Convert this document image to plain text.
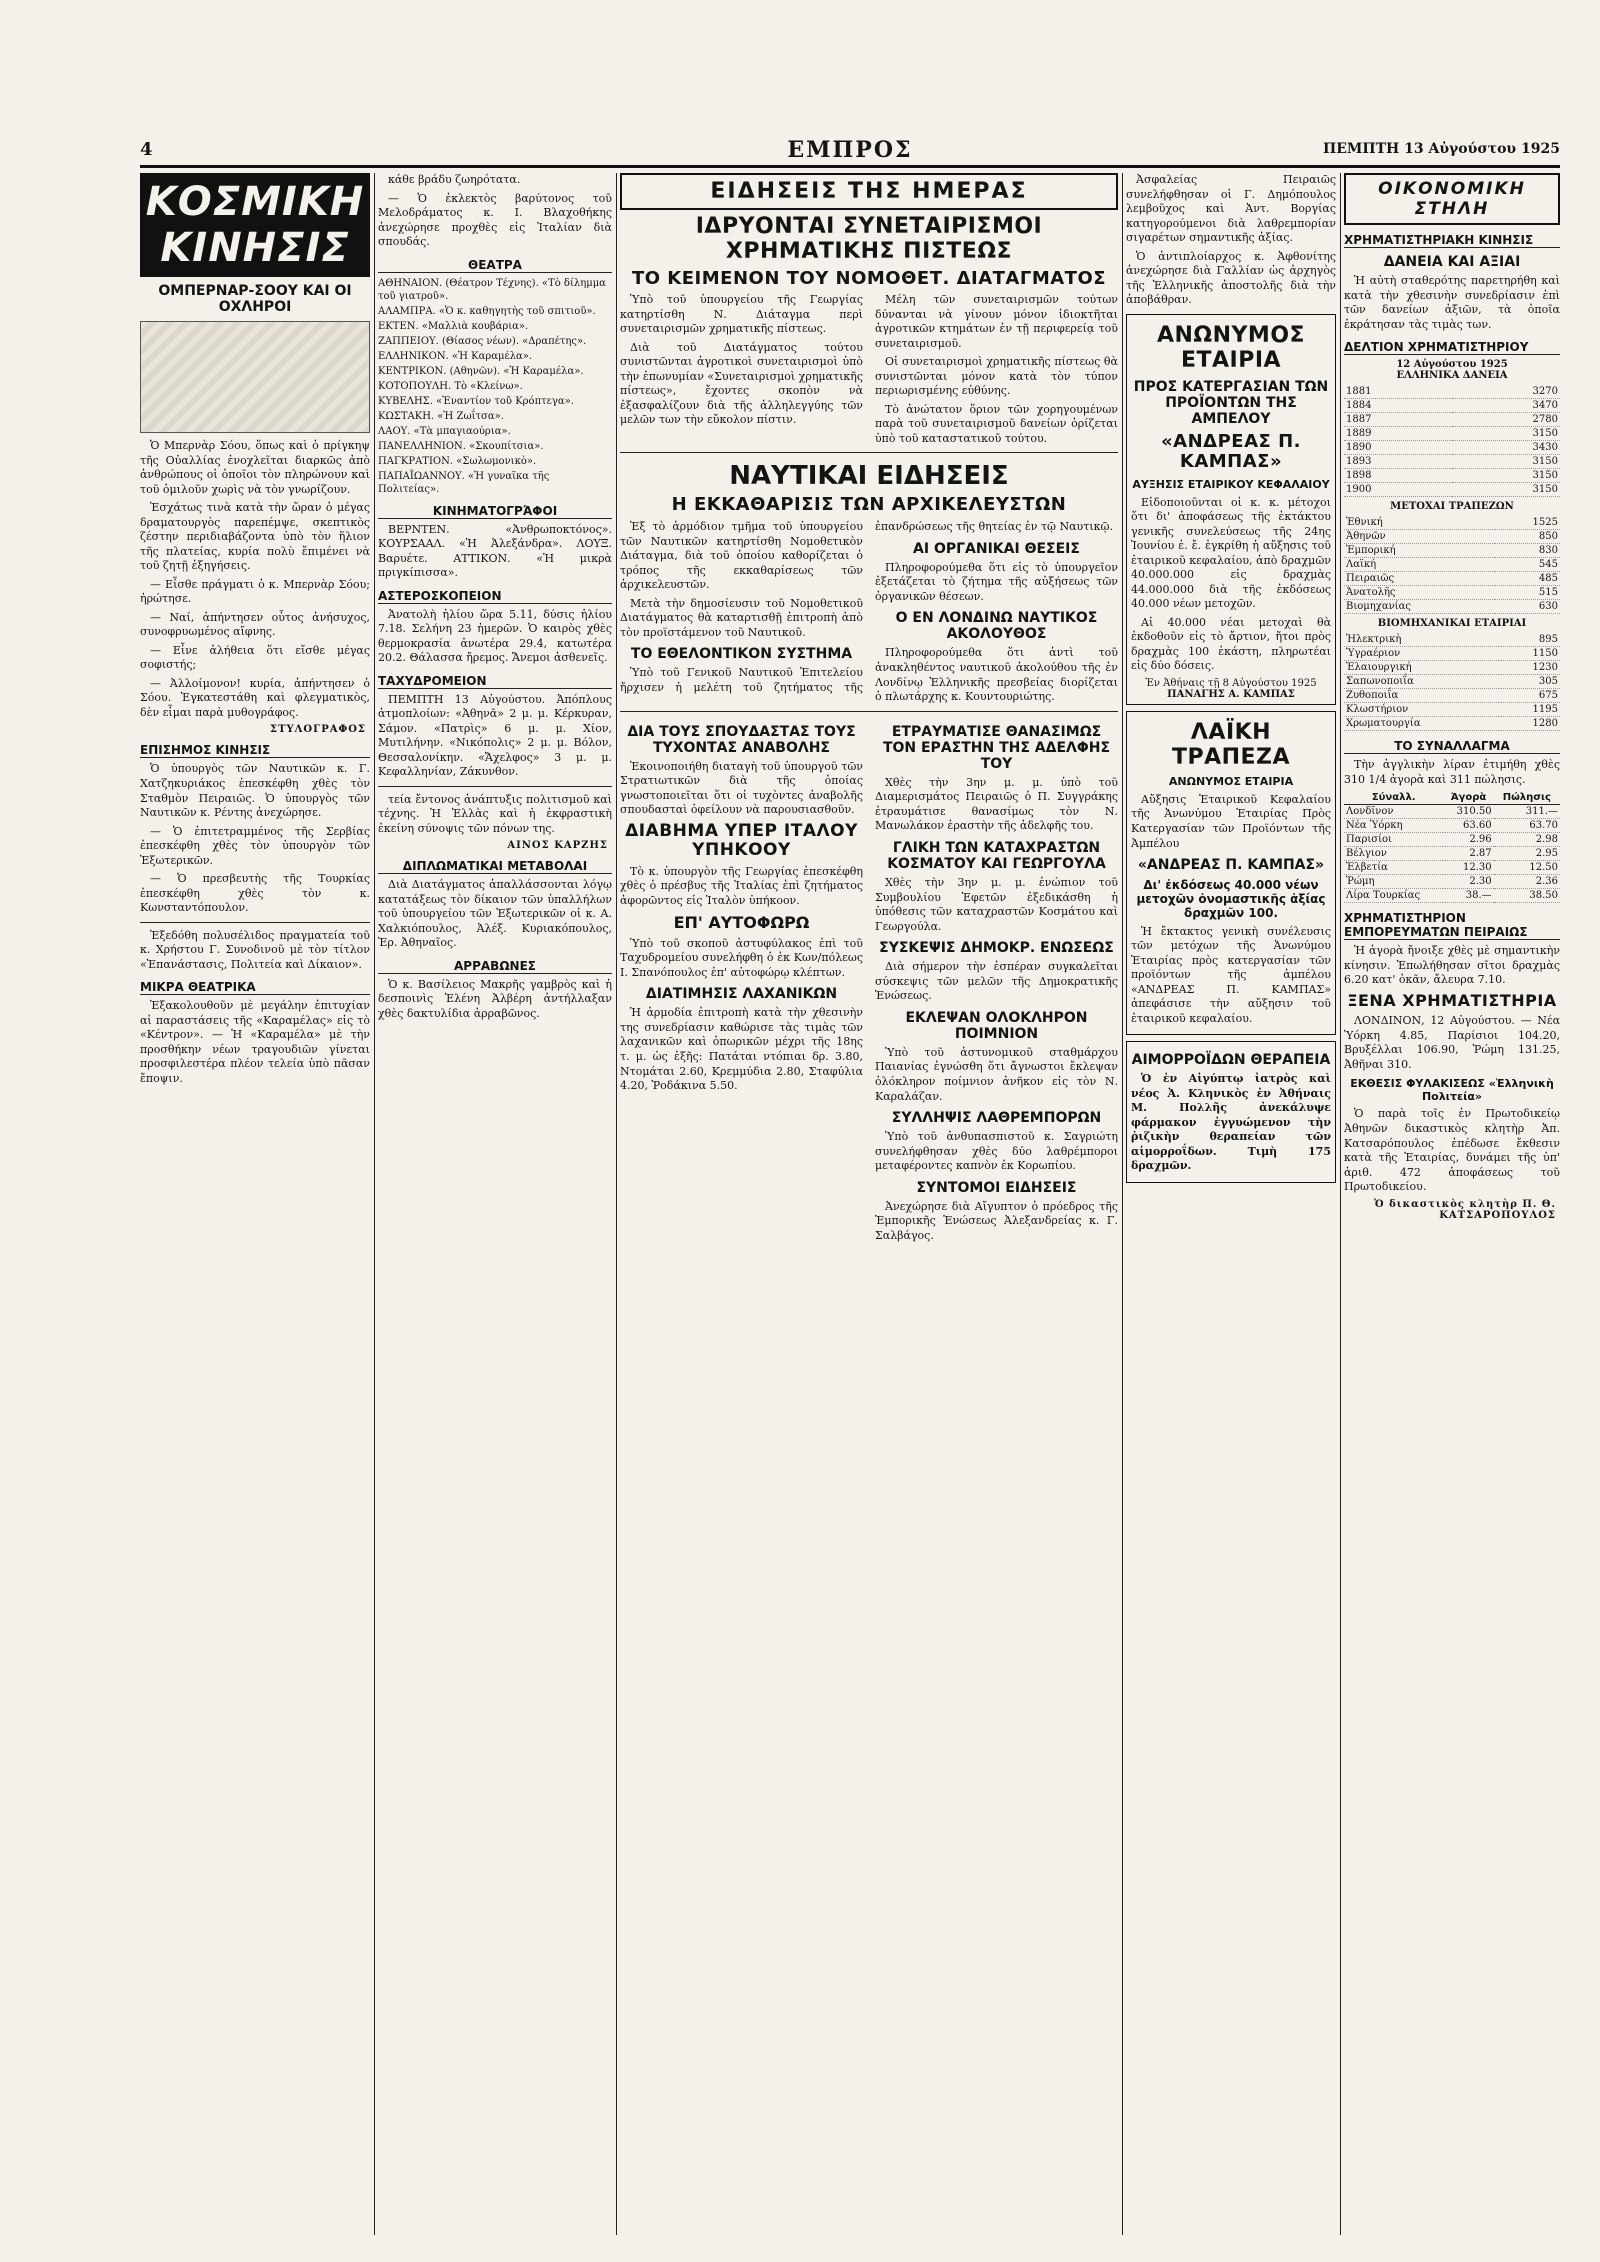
4	ΕΜΠΡΟΣ	ΠΕΜΠΤΗ 13 Αὐγούστου 1925
ΚΟΣΜΙΚΗ ΚΙΝΗΣΙΣ
ΟΜΠΕΡΝΑΡ-ΣΟΟΥ ΚΑΙ ΟΙ ΟΧΛΗΡΟΙ

Ὁ Μπερνὰρ Σόου, ὅπως καὶ ὁ πρίγκηψ τῆς Οὐαλλίας ἐνοχλεῖται διαρκῶς ἀπὸ ἀνθρώπους οἱ ὁποῖοι τὸν πληρώνουν καὶ τοῦ ὁμιλοῦν χωρὶς νὰ τὸν γνωρίζουν.

Ἐσχάτως τινὰ κατὰ τὴν ὥραν ὁ μέγας δραματουργὸς παρεπέμψε, σκεπτικὸς ζέστην περιδιαβάζοντα ὑπὸ τὸν ἥλιον τῆς πλατείας, κυρία πολὺ ἔπιμένει νὰ τοῦ ζητῇ ἐξηγήσεις.

— Εἶσθε πράγματι ὁ κ. Μπερνὰρ Σόου; ἠρώτησε.

— Ναί, ἀπήντησεν οὗτος ἀνήσυχος, συνοφρυωμένος αἴφνης.

— Εἶνε ἀλήθεια ὅτι εἴσθε μέγας σοφιστής;

— Ἀλλοίμονον! κυρία, ἀπήντησεν ὁ Σόου. Ἐγκατεστάθη καὶ φλεγματικὸς, δὲν εἶμαι παρὰ μυθογράφος.

ΣΤΥΛΟΓΡΑΦΟΣ
ΕΠΙΣΗΜΟΣ ΚΙΝΗΣΙΣ

Ὁ ὑπουργὸς τῶν Ναυτικῶν κ. Γ. Χατζηκυριάκος ἐπεσκέφθη χθὲς τὸν Σταθμὸν Πειραιῶς. Ὁ ὑπουργὸς τῶν Ναυτικῶν κ. Ρέντης ἀνεχώρησε.

— Ὁ ἐπιτετραμμένος τῆς Σερβίας ἐπεσκέφθη χθὲς τὸν ὑπουργὸν τῶν Ἐξωτερικῶν.

— Ὁ πρεσβευτὴς τῆς Τουρκίας ἐπεσκέφθη χθὲς τὸν κ. Κωνσταντόπουλον.

Ἐξεδόθη πολυσέλιδος πραγματεία τοῦ κ. Χρήστου Γ. Συνοδινοῦ μὲ τὸν τίτλον «Ἐπανάστασις, Πολιτεία καὶ Δίκαιον».

ΜΙΚΡΑ ΘΕΑΤΡΙΚΑ

Ἐξακολουθοῦν μὲ μεγάλην ἐπιτυχίαν αἱ παραστάσεις τῆς «Καραμέλας» εἰς τὸ «Κέντρον». — Ἡ «Καραμέλα» μὲ τὴν προσθήκην νέων τραγουδιῶν γίνεται προσφιλεστέρα πλέον τελεία ὑπὸ πᾶσαν ἔποψιν.

κάθε βράδυ ζωηρότατα.

— Ὁ ἐκλεκτὸς βαρύτονος τοῦ Μελοδράματος κ. Ι. Βλαχοθήκης ἀνεχώρησε προχθὲς εἰς Ἰταλίαν διὰ σπουδάς.

ΘΕΑΤΡΑ
ΑΘΗΝΑΙΟΝ. (Θέατρον Τέχνης). «Τὸ δίλημμα τοῦ γιατροῦ».
ΑΛΑΜΠΡΑ. «Ὁ κ. καθηγητὴς τοῦ σπιτιοῦ».
ΕΚΤΕΝ. «Μαλλιὰ κουβάρια».
ΖΑΠΠΕΙΟΥ. (Θίασος νέων). «Δραπέτης».
ΕΛΛΗΝΙΚΟΝ. «Ἡ Καραμέλα».
ΚΕΝΤΡΙΚΟΝ. (Αθηνῶν). «Ἡ Καραμέλα».
ΚΟΤΟΠΟΥΛΗ. Τὸ «Κλείνω».
ΚΥΒΕΛΗΣ. «Ἐναντίον τοῦ Κρόπτεγα».
ΚΩΣΤΑΚΗ. «Ἡ Ζωΐτσα».
ΛΑΟΥ. «Τὰ μπαγιαούρια».
ΠΑΝΕΛΛΗΝΙΟΝ. «Σκουπίτσια».
ΠΑΓΚΡΑΤΙΟΝ. «Σωλωμονικὸ».
ΠΑΠΑΪΩΑΝΝΟΥ. «Ἡ γυναῖκα τῆς Πολιτείας».
ΚΙΝΗΜΑΤΟΓΡΆΦΟΙ

ΒΕΡΝΤΕΝ. «Ἀνθρωποκτόνος». ΚΟΥΡΣΑΑΛ. «Ἡ Ἀλεξάνδρα». ΛΟΥΞ. Βαρυέτε. ΑΤΤΙΚΟΝ. «Ἡ μικρὰ πριγκίπισσα».

ΑΣΤΕΡΟΣΚΟΠΕΙΟΝ

Ἀνατολὴ ἡλίου ὥρα 5.11, δύσις ἡλίου 7.18. Σελήνη 23 ἡμερῶν. Ὁ καιρὸς χθὲς θερμοκρασία ἀνωτέρα 29.4, κατωτέρα 20.2. Θάλασσα ἤρεμος. Ἄνεμοι ἀσθενεῖς.

ΤΑΧΥΔΡΟΜΕΙΟΝ

ΠΕΜΠΤΗ 13 Αὐγούστου. Ἀπόπλους ἀτμοπλοίων: «Ἀθηνᾶ» 2 μ. μ. Κέρκυραν, Σάμον. «Πατρὶς» 6 μ. μ. Χίον, Μυτιλήνην. «Νικόπολις» 2 μ. μ. Βόλον, Θεσσαλονίκην. «Ἄχελφος» 3 μ. μ. Κεφαλληνίαν, Ζάκυνθον.

τεία ἔντονος ἀνάπτυξις πολιτισμοῦ καὶ τέχνης. Ἡ Ἑλλὰς καὶ ἡ ἐκφραστικὴ ἐκείνη σύνοψις τῶν πόνων της.

ΑΙΝΟΣ ΚΑΡΖΗΣ
ΔΙΠΛΩΜΑΤΙΚΑΙ ΜΕΤΑΒΟΛΑΙ

Διὰ Διατάγματος ἀπαλλάσσονται λόγῳ κατατάξεως τὸν δίκαιον τῶν ὑπαλλήλων τοῦ ὑπουργείου τῶν Ἐξωτερικῶν οἱ κ. Α. Χαλκιόπουλος, Ἀλέξ. Κυριακόπουλος, Ἐρ. Ἀθηναῖος.

ΑΡΡΑΒΩΝΕΣ

Ὁ κ. Βασίλειος Μακρῆς γαμβρὸς καὶ ἡ δεσποινὶς Ἑλένη Ἀλβέρη ἀντήλλαξαν χθὲς δακτυλίδια ἀρραβῶνος.

ΕΙΔΗΣΕΙΣ ΤΗΣ ΗΜΕΡΑΣ
ΙΔΡΥΟΝΤΑΙ ΣΥΝΕΤΑΙΡΙΣΜΟΙ ΧΡΗΜΑΤΙΚΗΣ ΠΙΣΤΕΩΣ
ΤΟ ΚΕΙΜΕΝΟΝ ΤΟΥ ΝΟΜΟΘΕΤ. ΔΙΑΤΑΓΜΑΤΟΣ

Ὑπὸ τοῦ ὑπουργείου τῆς Γεωργίας κατηρτίσθη Ν. Διάταγμα περὶ συνεταιρισμῶν χρηματικῆς πίστεως.

Διὰ τοῦ Διατάγματος τούτου συνιστῶνται ἀγροτικοὶ συνεταιρισμοὶ ὑπὸ τὴν ἐπωνυμίαν «Συνεταιρισμοὶ χρηματικῆς πίστεως», ἔχοντες σκοπὸν νὰ ἐξασφαλίζουν διὰ τῆς ἀλληλεγγύης τῶν μελῶν των τὴν εὔκολον πίστιν.

Μέλη τῶν συνεταιρισμῶν τούτων δύνανται νὰ γίνουν μόνον ἰδιοκτῆται ἀγροτικῶν κτημάτων ἐν τῇ περιφερείᾳ τοῦ συνεταιρισμοῦ.

Οἱ συνεταιρισμοὶ χρηματικῆς πίστεως θὰ συνιστῶνται μόνον κατὰ τὸν τύπον περιωρισμένης εὐθύνης.

Τὸ ἀνώτατον ὅριον τῶν χορηγουμένων παρὰ τοῦ συνεταιρισμοῦ δανείων ὁρίζεται ὑπὸ τοῦ καταστατικοῦ τούτου.

ΝΑΥΤΙΚΑΙ ΕΙΔΗΣΕΙΣ
Η ΕΚΚΑΘΑΡΙΣΙΣ ΤΩΝ ΑΡΧΙΚΕΛΕΥΣΤΩΝ

Ἐξ τὸ ἁρμόδιον τμῆμα τοῦ ὑπουργείου τῶν Ναυτικῶν κατηρτίσθη Νομοθετικὸν Διάταγμα, διὰ τοῦ ὁποίου καθορίζεται ὁ τρόπος τῆς εκκαθαρίσεως τῶν ἀρχικελευστῶν.

Μετὰ τὴν δημοσίευσιν τοῦ Νομοθετικοῦ Διατάγματος θὰ καταρτισθῇ ἐπιτροπὴ ἀπὸ τὸν προϊστάμενον τοῦ Ναυτικοῦ.

ΤΟ ΕΘΕΛΟΝΤΙΚΟΝ ΣΥΣΤΗΜΑ

Ὑπὸ τοῦ Γενικοῦ Ναυτικοῦ Ἐπιτελείου ἤρχισεν ἡ μελέτη τοῦ ζητήματος τῆς ἐπανδρώσεως τῆς θητείας ἐν τῷ Ναυτικῷ.

ΑΙ ΟΡΓΑΝΙΚΑΙ ΘΕΣΕΙΣ

Πληροφορούμεθα ὅτι εἰς τὸ ὑπουργεῖον ἐξετάζεται τὸ ζήτημα τῆς αὐξήσεως τῶν ὀργανικῶν θέσεων.

Ο ΕΝ ΛΟΝΔΙΝΩ ΝΑΥΤΙΚΟΣ ΑΚΟΛΟΥΘΟΣ

Πληροφορούμεθα ὅτι ἀντὶ τοῦ ἀνακληθέντος ναυτικοῦ ἀκολούθου τῆς ἐν Λονδίνῳ Ἑλληνικῆς πρεσβείας διορίζεται ὁ πλωτάρχης κ. Κουντουριώτης.

ΔΙΑ ΤΟΥΣ ΣΠΟΥΔΑΣΤΑΣ ΤΟΥΣ ΤΥΧΟΝΤΑΣ ΑΝΑΒΟΛΗΣ

Ἐκοινοποιήθη διαταγὴ τοῦ ὑπουργοῦ τῶν Στρατιωτικῶν διὰ τῆς ὁποίας γνωστοποιεῖται ὅτι οἱ τυχὸντες ἀναβολῆς σπουδασταὶ ὀφείλουν νὰ παρουσιασθοῦν.

ΔΙΑΒΗΜΑ ΥΠΕΡ ΙΤΑΛΟΥ ΥΠΗΚΟΟΥ

Τὸ κ. ὑπουργὸν τῆς Γεωργίας ἐπεσκέφθη χθὲς ὁ πρέσβυς τῆς Ἰταλίας ἐπὶ ζητήματος ἀφορῶντος εἰς Ἰταλὸν ὑπήκοον.

ΕΠ' ΑΥΤΟΦΩΡΩ

Ὑπὸ τοῦ σκοποῦ ἀστυφύλακος ἐπὶ τοῦ Ταχυδρομείου συνελήφθη ὁ ἐκ Κων/πόλεως Ι. Σπανόπουλος ἐπ' αὐτοφώρῳ κλέπτων.

ΔΙΑΤΙΜΗΣΙΣ ΛΑΧΑΝΙΚΩΝ

Ἡ ἁρμοδία ἐπιτροπὴ κατὰ τὴν χθεσινὴν της συνεδρίασιν καθώρισε τὰς τιμὰς τῶν λαχανικῶν καὶ ὀπωρικῶν μέχρι τῆς 18ης τ. μ. ὡς ἑξῆς: Πατάται ντόπιαι δρ. 3.80, Ντομάται 2.60, Κρεμμύδια 2.80, Σταφύλια 4.20, Ῥοδάκινα 5.50.

ΕΤΡΑΥΜΑΤΙΣΕ ΘΑΝΑΣΙΜΩΣ ΤΟΝ ΕΡΑΣΤΗΝ ΤΗΣ ΑΔΕΛΦΗΣ ΤΟΥ

Χθὲς τὴν 3ην μ. μ. ὑπὸ τοῦ Διαμερισμάτος Πειραιῶς ὁ Π. Συγγράκης ἐτραυμάτισε θανασίμως τὸν Ν. Μανωλάκον ἐραστὴν τῆς ἀδελφῆς του.

ΓΛΙΚΗ ΤΩΝ ΚΑΤΑΧΡΑΣΤΩΝ ΚΟΣΜΑΤΟΥ ΚΑΙ ΓΕΩΡΓΟΥΛΑ

Χθὲς τὴν 3ην μ. μ. ἐνώπιον τοῦ Συμβουλίου Ἐφετῶν ἐξεδικάσθη ἡ ὑπόθεσις τῶν καταχραστῶν Κοσμάτου καὶ Γεωργούλα.

ΣΥΣΚΕΨΙΣ ΔΗΜΟΚΡ. ΕΝΩΣΕΩΣ

Διὰ σήμερον τὴν ἑσπέραν συγκαλεῖται σύσκεψις τῶν μελῶν τῆς Δημοκρατικῆς Ἑνώσεως.

ΕΚΛΕΨΑΝ ΟΛΟΚΛΗΡΟΝ ΠΟΙΜΝΙΟΝ

Ὑπὸ τοῦ ἀστυνομικοῦ σταθμάρχου Παιανίας ἐγνώσθη ὅτι ἄγνωστοι ἔκλεψαν ὁλόκληρον ποίμνιον ἀνῆκον εἰς τὸν Ν. Καραλάζαν.

ΣΥΛΛΗΨΙΣ ΛΑΘΡΕΜΠΟΡΩΝ

Ὑπὸ τοῦ ἀνθυπασπιστοῦ κ. Σαγριώτη συνελήφθησαν χθὲς δύο λαθρέμποροι μεταφέροντες καπνὸν ἐκ Κορωπίου.

ΣΥΝΤΟΜΟΙ ΕΙΔΗΣΕΙΣ

Ἀνεχώρησε διὰ Αἴγυπτον ὁ πρόεδρος τῆς Ἐμπορικῆς Ἑνώσεως Ἀλεξανδρείας κ. Γ. Σαλβάγος.

Ἀσφαλείας Πειραιῶς συνελήφθησαν οἱ Γ. Δημόπουλος λεμβοῦχος καὶ Ἀντ. Βοργίας κατηγορούμενοι διὰ λαθρεμπορίαν σιγαρέτων σημαντικῆς ἀξίας.

Ὁ ἀντιπλοίαρχος κ. Ἀφθονίτης ἀνεχώρησε διὰ Γαλλίαν ὡς ἀρχηγὸς τῆς Ἑλληνικῆς ἀποστολῆς διὰ τὴν ἀποβάθραν.

ΑΝΩΝΥΜΟΣ ΕΤΑΙΡΙΑ
ΠΡΟΣ ΚΑΤΕΡΓΑΣΙΑΝ ΤΩΝ ΠΡΟΪΟΝΤΩΝ ΤΗΣ ΑΜΠΕΛΟΥ
«ΑΝΔΡΕΑΣ Π. ΚΑΜΠΑΣ»
ΑΥΞΗΣΙΣ ΕΤΑΙΡΙΚΟΥ ΚΕΦΑΛΑΙΟΥ

Εἰδοποιοῦνται οἱ κ. κ. μέτοχοι ὅτι δι' ἀποφάσεως τῆς ἐκτάκτου γενικῆς συνελεύσεως τῆς 24ης Ἰουνίου ἐ. ἔ. ἐγκρίθη ἡ αὔξησις τοῦ ἐταιρικοῦ κεφαλαίου, ἀπὸ δραχμῶν 40.000.000 εἰς δραχμὰς 44.000.000 διὰ τῆς ἐκδόσεως 40.000 νέων μετοχῶν.

Αἱ 40.000 νέαι μετοχαὶ θὰ ἐκδοθοῦν εἰς τὸ ἄρτιον, ἤτοι πρὸς δραχμὰς 100 ἑκάστη, πληρωτέαι εἰς δύο δόσεις.

Ἐν Ἀθήναις τῇ 8 Αὐγούστου 1925
ΠΑΝΑΓΗΣ Α. ΚΑΜΠΑΣ
ΛΑΪΚΗ ΤΡΑΠΕΖΑ
ΑΝΩΝΥΜΟΣ ΕΤΑΙΡΙΑ

Αὔξησις Ἑταιρικοῦ Κεφαλαίου τῆς Ἀνωνύμου Ἑταιρίας Πρὸς Κατεργασίαν τῶν Προϊόντων τῆς Ἀμπέλου

«ΑΝΔΡΕΑΣ Π. ΚΑΜΠΑΣ»
Δι' ἐκδόσεως 40.000 νέων μετοχῶν ὀνομαστικῆς ἀξίας δραχμῶν 100.

Ἡ ἔκτακτος γενικὴ συνέλευσις τῶν μετόχων τῆς Ἀνωνύμου Ἑταιρίας πρὸς κατεργασίαν τῶν προϊόντων τῆς ἀμπέλου «ΑΝΔΡΕΑΣ Π. ΚΑΜΠΑΣ» ἀπεφάσισε τὴν αὔξησιν τοῦ ἐταιρικοῦ κεφαλαίου.

ΑΙΜΟΡΡΟΪΔΩΝ ΘΕΡΑΠΕΙΑ

Ὁ ἐν Αἰγύπτῳ ἰατρὸς καὶ νέος Ἀ. Κληνικὸς ἐν Ἀθήναις Μ. Πολλῆς ἀνεκάλυψε φάρμακον ἐγγυώμενον τὴν ῥιζικὴν θεραπείαν τῶν αἱμορροΐδων. Τιμὴ 175 δραχμῶν.

ΟΙΚΟΝΟΜΙΚΗ ΣΤΗΛΗ
ΧΡΗΜΑΤΙΣΤΗΡΙΑΚΗ ΚΙΝΗΣΙΣ
ΔΑΝΕΙΑ ΚΑΙ ΑΞΙΑΙ

Ἡ αὐτὴ σταθερότης παρετηρήθη καὶ κατὰ τὴν χθεσινὴν συνεδρίασιν ἐπὶ τῶν δανείων ἀξιῶν, τὰ ὁποῖα ἐκράτησαν τὰς τιμὰς των.

ΔΕΛΤΙΟΝ ΧΡΗΜΑΤΙΣΤΗΡΙΟΥ
12 Αὐγούστου 1925
ΕΛΛΗΝΙΚΑ ΔΑΝΕΙΑ
1881	3270
1884	3470
1887	2780
1889	3150
1890	3430
1893	3150
1898	3150
1900	3150
ΜΕΤΟΧΑΙ ΤΡΑΠΕΖΩΝ
Ἐθνική	1525
Ἀθηνῶν	850
Ἐμπορική	830
Λαϊκή	545
Πειραιῶς	485
Ἀνατολῆς	515
Βιομηχανίας	630
ΒΙΟΜΗΧΑΝΙΚΑΙ ΕΤΑΙΡΙΑΙ
Ἠλεκτρικὴ	895
Ὑγραέριον	1150
Ἐλαιουργική	1230
Σαπωνοποιΐα	305
Ζυθοποιΐα	675
Κλωστήριον	1195
Χρωματουργία	1280
ΤΟ ΣΥΝΑΛΛΑΓΜΑ

Τὴν ἀγγλικὴν λίραν ἐτιμήθη χθὲς 310 1/4 ἀγορὰ καὶ 311 πώλησις.

Σύναλλ.	Ἀγορὰ	Πώλησις
Λονδῖνον	310.50	311.—
Νέα Ὑόρκη	63.60	63.70
Παρισίοι	2.96	2.98
Βέλγιον	2.87	2.95
Ἑλβετία	12.30	12.50
Ῥώμη	2.30	2.36
Λίρα Τουρκίας	38.—	38.50
ΧΡΗΜΑΤΙΣΤΗΡΙΟΝ ΕΜΠΟΡΕΥΜΑΤΩΝ ΠΕΙΡΑΙΩΣ

Ἡ ἀγορὰ ἤνοιξε χθὲς μὲ σημαντικὴν κίνησιν. Ἐπωλήθησαν σῖτοι δραχμὰς 6.20 κατ' ὀκᾶν, ἄλευρα 7.10.

ΞΕΝΑ ΧΡΗΜΑΤΙΣΤΗΡΙΑ

ΛΟΝΔΙΝΟΝ, 12 Αὐγούστου. — Νέα Ὑόρκη 4.85, Παρίσιοι 104.20, Βρυξέλλαι 106.90, Ῥώμη 131.25, Ἀθῆναι 310.

ΕΚΘΕΣΙΣ ΦΥΛΑΚΙΣΕΩΣ «Ἑλληνικὴ Πολιτεία»

Ὁ παρὰ τοῖς ἐν Πρωτοδικείῳ Ἀθηνῶν δικαστικὸς κλητὴρ Ἀπ. Κατσαρόπουλος ἐπέδωσε ἔκθεσιν κατὰ τῆς Ἑταιρίας, δυνάμει τῆς ὑπ' ἀριθ. 472 ἀποφάσεως τοῦ Πρωτοδικείου.

Ὁ δικαστικὸς κλητὴρ Π. Θ. ΚΑΤΣΑΡΟΠΟΥΛΟΣ
